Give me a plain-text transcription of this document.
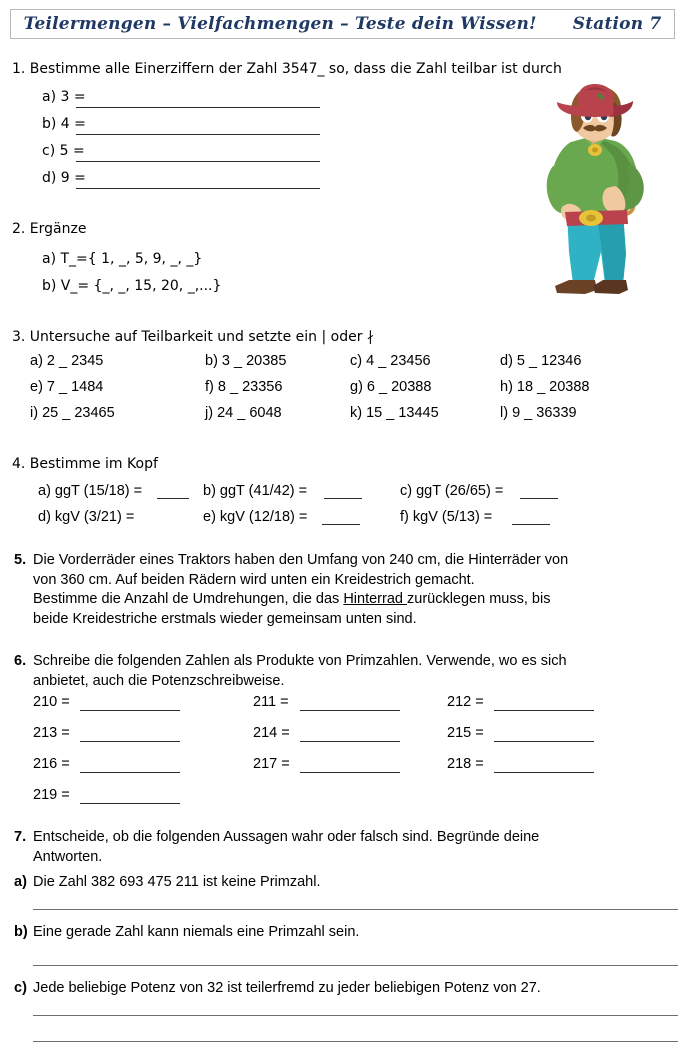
Teilermengen – Vielfachmengen – Teste dein Wissen! Station 7
1. Bestimme alle Einerziffern der Zahl 3547_ so, dass die Zahl teilbar ist durch
a) 3 =
b) 4 =
c) 5 =
d) 9 =
2. Ergänze
a) T_={ 1, _, 5, 9, _, _}
b) V_= {_, _, 15, 20, _,...}
3. Untersuche auf Teilbarkeit und setzte ein | oder ∤
a) 2 _ 2345	b) 3 _ 20385	c) 4 _ 23456	d) 5 _ 12346
e) 7 _ 1484	f) 8 _ 23356	g) 6 _ 20388	h) 18 _ 20388
i) 25 _ 23465	j) 24 _ 6048	k) 15 _ 13445	l) 9 _ 36339
4. Bestimme im Kopf
a) ggT (15/18) =	b) ggT (41/42) =	c) ggT (26/65) =
d) kgV (3/21) =	e) kgV (12/18) =	f) kgV (5/13) =
5. Die Vorderräder eines Traktors haben den Umfang von 240 cm, die Hinterräder von
von 360 cm. Auf beiden Rädern wird unten ein Kreidestrich gemacht.
Bestimme die Anzahl de Umdrehungen, die das Hinterrad zurücklegen muss, bis
beide Kreidestriche erstmals wieder gemeinsam unten sind.
6. Schreibe die folgenden Zahlen als Produkte von Primzahlen. Verwende, wo es sich
anbietet, auch die Potenzschreibweise.
210 =	211 =	212 =
213 =	214 =	215 =
216 =	217 =	218 =
219 =
7. Entscheide, ob die folgenden Aussagen wahr oder falsch sind. Begründe deine
Antworten.
a) Die Zahl 382 693 475 211 ist keine Primzahl.
b) Eine gerade Zahl kann niemals eine Primzahl sein.
c) Jede beliebige Potenz von 32 ist teilerfremd zu jeder beliebigen Potenz von 27.
